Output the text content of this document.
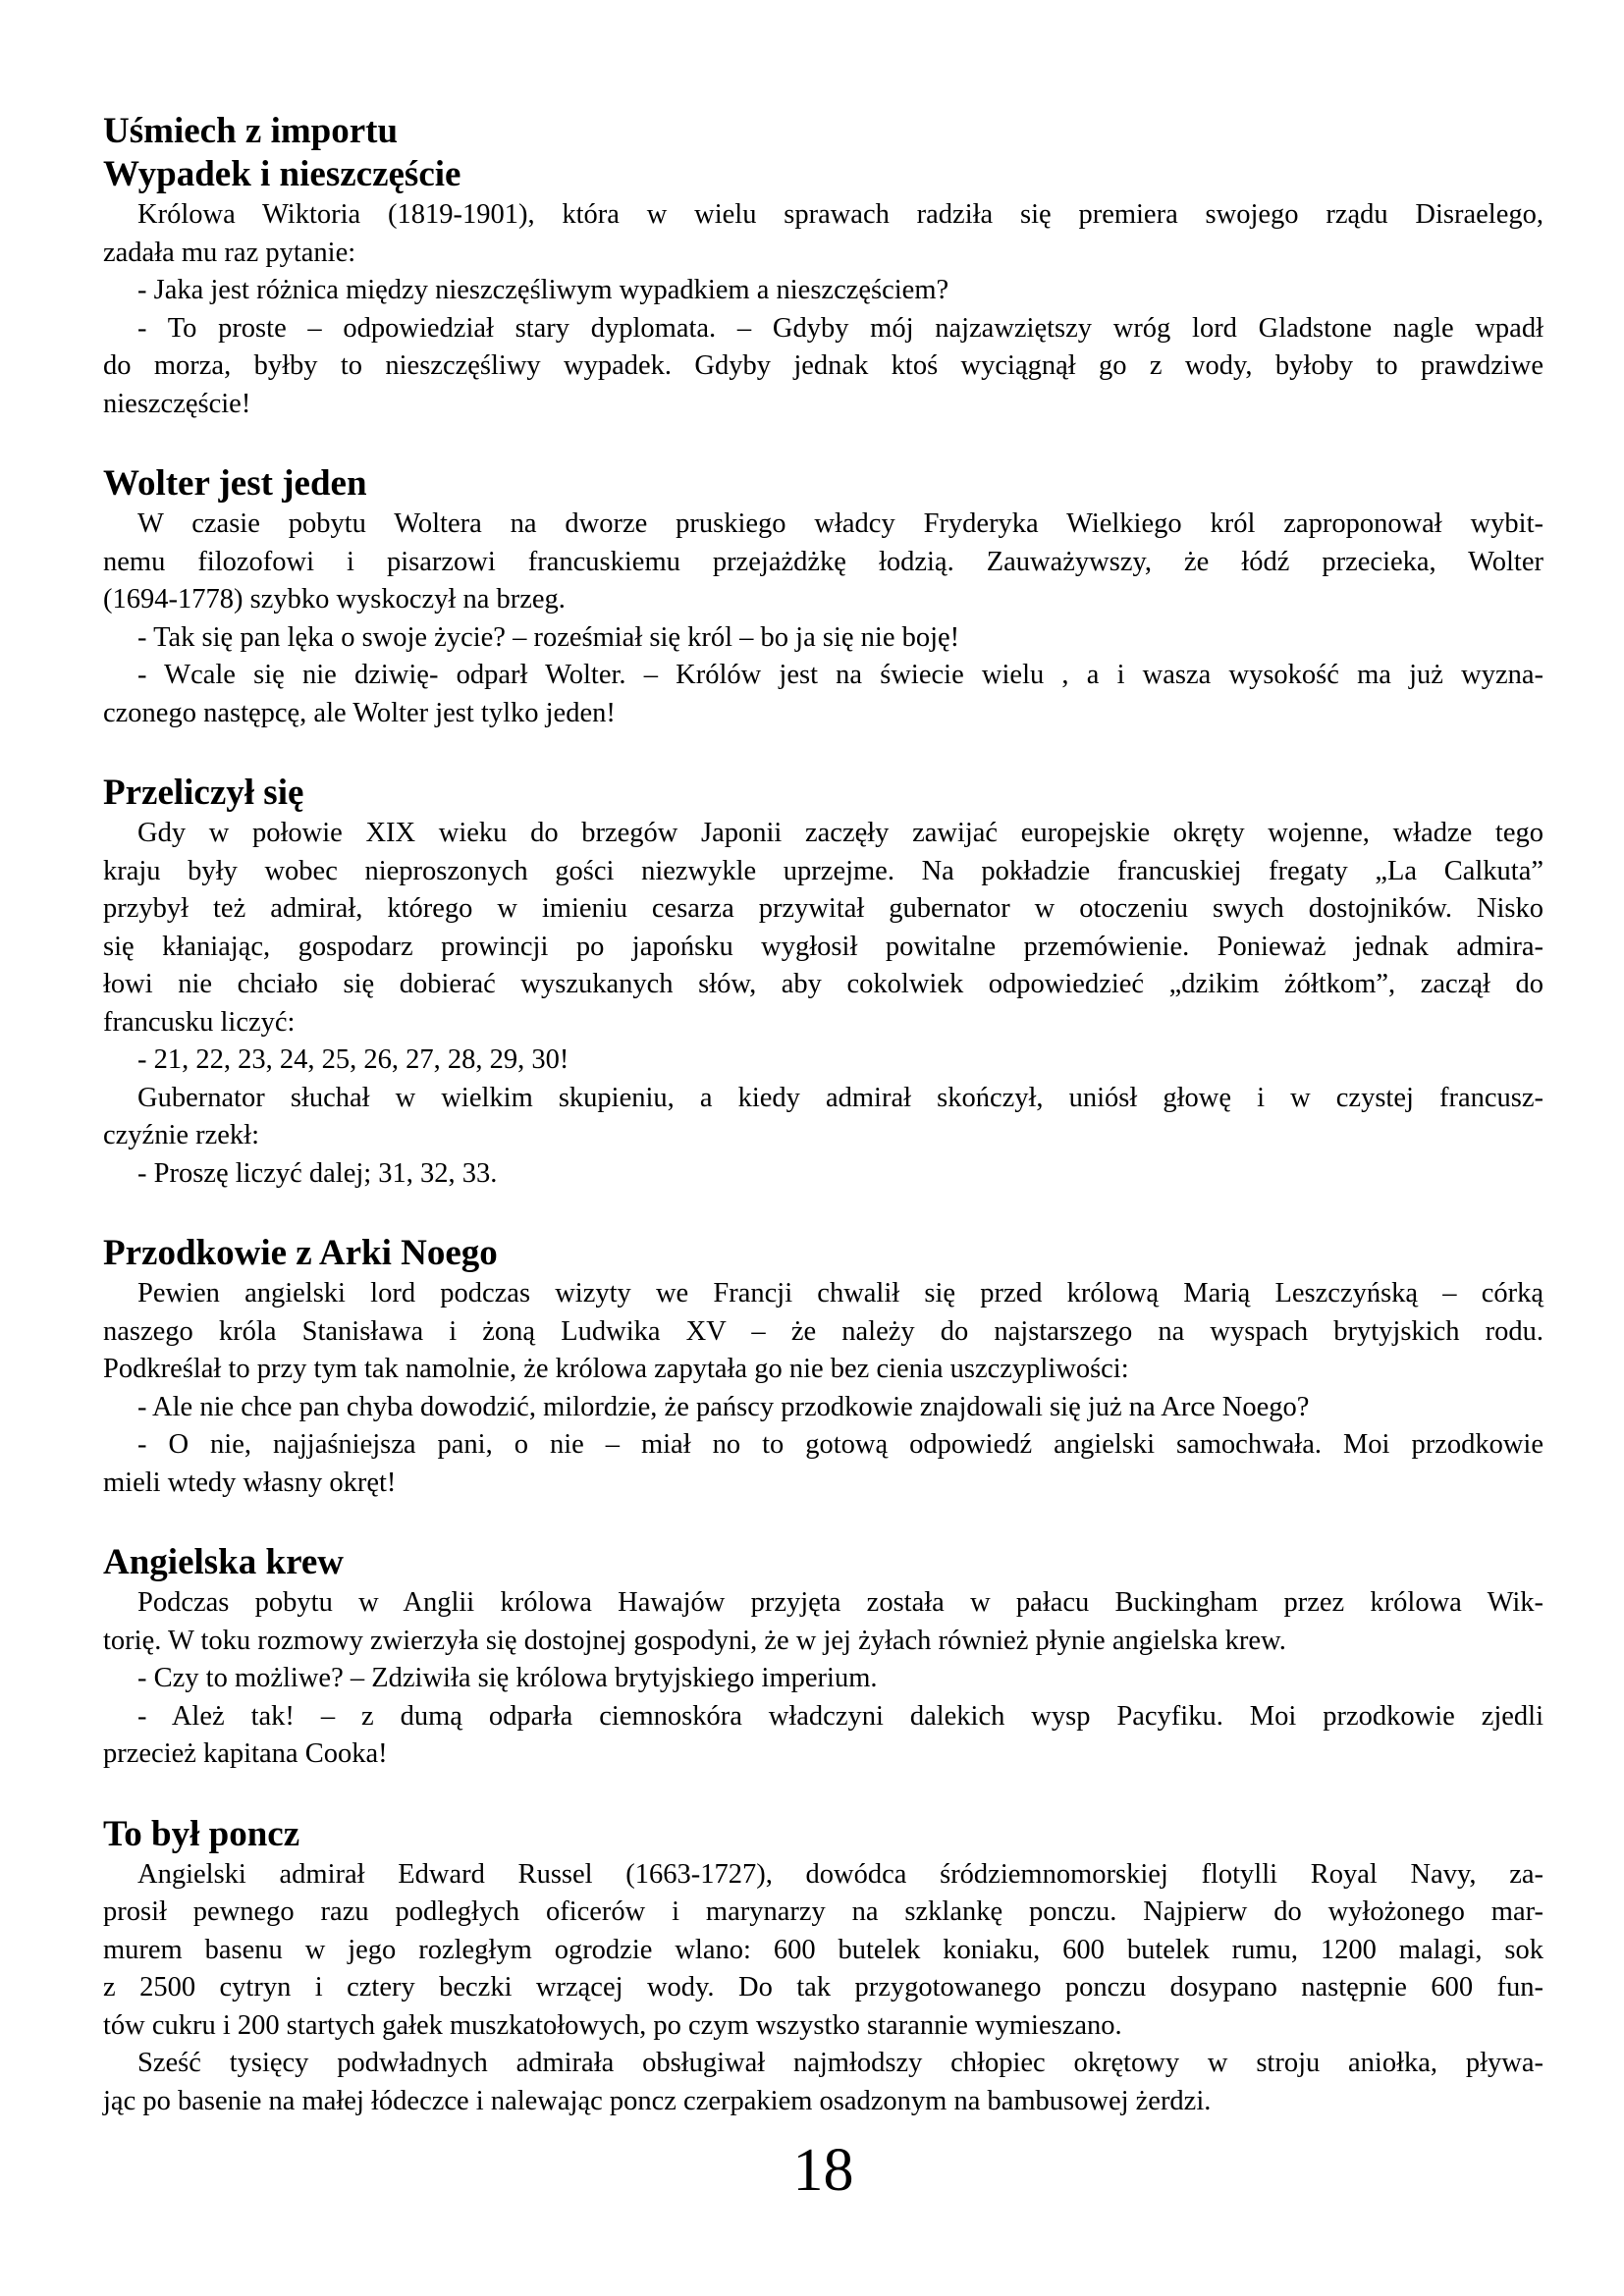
Uśmiech z importu
Wypadek i nieszczęście

Królowa Wiktoria (1819-1901), która w wielu sprawach radziła się premiera swojego rządu Disraelego,
zadała mu raz pytanie:

- Jaka jest różnica między nieszczęśliwym wypadkiem a nieszczęściem?

- To proste – odpowiedział stary dyplomata. – Gdyby mój najzawziętszy wróg lord Gladstone nagle wpadł
do morza, byłby to nieszczęśliwy wypadek. Gdyby jednak ktoś wyciągnął go z wody, byłoby to prawdziwe
nieszczęście!

Wolter jest jeden

W czasie pobytu Woltera na dworze pruskiego władcy Fryderyka Wielkiego król zaproponował wybit-
nemu filozofowi i pisarzowi francuskiemu przejażdżkę łodzią. Zauważywszy, że łódź przecieka, Wolter
(1694-1778) szybko wyskoczył na brzeg.

- Tak się pan lęka o swoje życie? – roześmiał się król – bo ja się nie boję!

- Wcale się nie dziwię- odparł Wolter. – Królów jest na świecie wielu , a i wasza wysokość ma już wyzna-
czonego następcę, ale Wolter jest tylko jeden!

Przeliczył się

Gdy w połowie XIX wieku do brzegów Japonii zaczęły zawijać europejskie okręty wojenne, władze tego
kraju były wobec nieproszonych gości niezwykle uprzejme. Na pokładzie francuskiej fregaty „La Calkuta”
przybył też admirał, którego w imieniu cesarza przywitał gubernator w otoczeniu swych dostojników. Nisko
się kłaniając, gospodarz prowincji po japońsku wygłosił powitalne przemówienie. Ponieważ jednak admira-
łowi nie chciało się dobierać wyszukanych słów, aby cokolwiek odpowiedzieć „dzikim żółtkom”, zaczął do
francusku liczyć:

- 21, 22, 23, 24, 25, 26, 27, 28, 29, 30!

Gubernator słuchał w wielkim skupieniu, a kiedy admirał skończył, uniósł głowę i w czystej francusz-
czyźnie rzekł:

- Proszę liczyć dalej; 31, 32, 33.

Przodkowie z Arki Noego

Pewien angielski lord podczas wizyty we Francji chwalił się przed królową Marią Leszczyńską – córką
naszego króla Stanisława i żoną Ludwika XV – że należy do najstarszego na wyspach brytyjskich rodu.
Podkreślał to przy tym tak namolnie, że królowa zapytała go nie bez cienia uszczypliwości:

- Ale nie chce pan chyba dowodzić, milordzie, że pańscy przodkowie znajdowali się już na Arce Noego?

- O nie, najjaśniejsza pani, o nie – miał no to gotową odpowiedź angielski samochwała. Moi przodkowie
mieli wtedy własny okręt!

Angielska krew

Podczas pobytu w Anglii królowa Hawajów przyjęta została w pałacu Buckingham przez królowa Wik-
torię. W toku rozmowy zwierzyła się dostojnej gospodyni, że w jej żyłach również płynie angielska krew.

- Czy to możliwe? – Zdziwiła się królowa brytyjskiego imperium.

- Ależ tak! – z dumą odparła ciemnoskóra władczyni dalekich wysp Pacyfiku. Moi przodkowie zjedli
przecież kapitana Cooka!

To był poncz

Angielski admirał Edward Russel (1663-1727), dowódca śródziemnomorskiej flotylli Royal Navy, za-
prosił pewnego razu podległych oficerów i marynarzy na szklankę ponczu. Najpierw do wyłożonego mar-
murem basenu w jego rozległym ogrodzie wlano: 600 butelek koniaku, 600 butelek rumu, 1200 malagi, sok
z 2500 cytryn i cztery beczki wrzącej wody. Do tak przygotowanego ponczu dosypano następnie 600 fun-
tów cukru i 200 startych gałek muszkatołowych, po czym wszystko starannie wymieszano.

Sześć tysięcy podwładnych admirała obsługiwał najmłodszy chłopiec okrętowy w stroju aniołka, pływa-
jąc po basenie na małej łódeczce i nalewając poncz czerpakiem osadzonym na bambusowej żerdzi.

18
